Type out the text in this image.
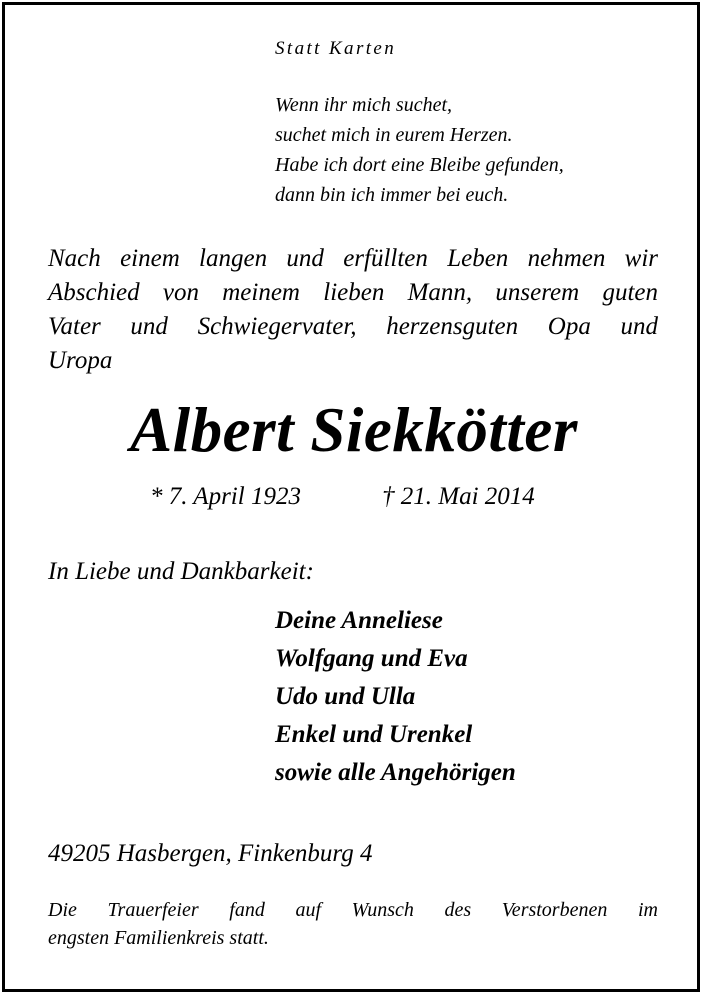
Statt Karten
Wenn ihr mich suchet,
suchet mich in eurem Herzen.
Habe ich dort eine Bleibe gefunden,
dann bin ich immer bei euch.
Nach einem langen und erfüllten Leben nehmen wir
Abschied von meinem lieben Mann, unserem guten
Vater und Schwiegervater, herzensguten Opa und
Uropa
Albert Siekkötter
* 7. April 1923	† 21. Mai 2014
In Liebe und Dankbarkeit:
Deine Anneliese
Wolfgang und Eva
Udo und Ulla
Enkel und Urenkel
sowie alle Angehörigen
49205 Hasbergen, Finkenburg 4
Die Trauerfeier fand auf Wunsch des Verstorbenen im
engsten Familienkreis statt.
